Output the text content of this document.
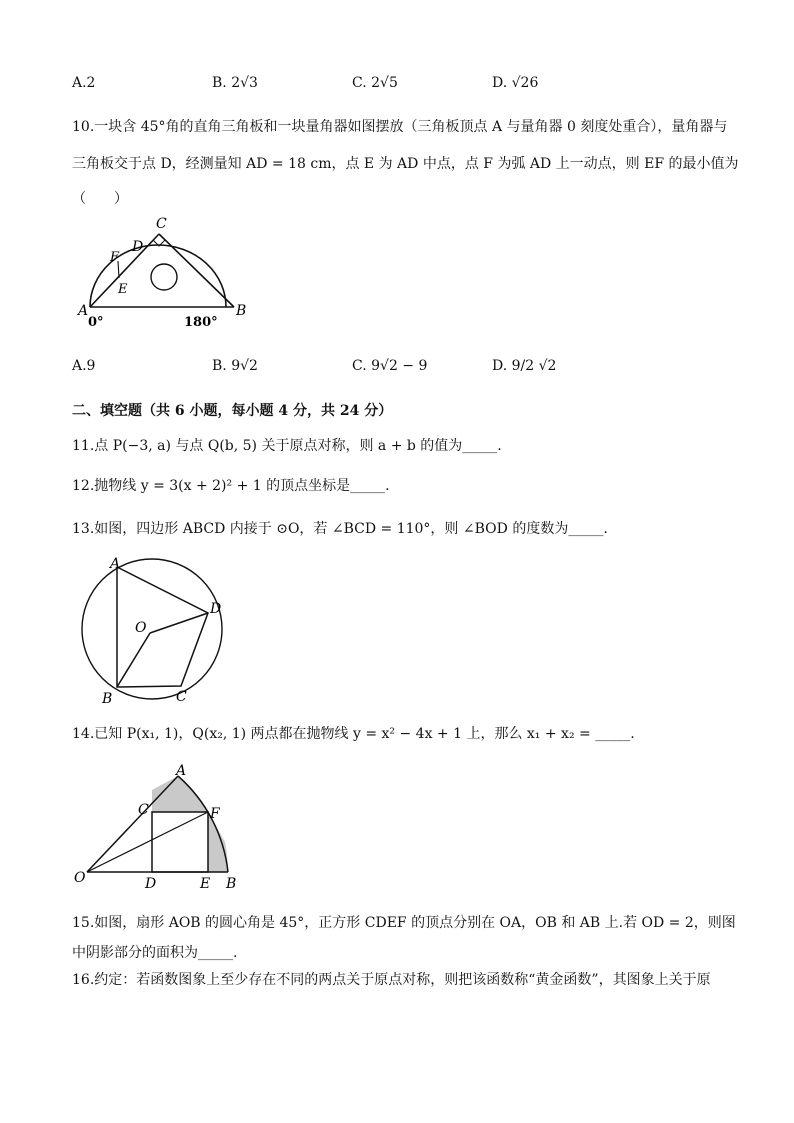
A.2	B. 2√3	C. 2√5	D. √26
10.一块含 45°角的直角三角板和一块量角器如图摆放（三角板顶点 A 与量角器 0 刻度处重合），量角器与
三角板交于点 D，经测量知 AD = 18 cm，点 E 为 AD 中点，点 F 为弧 AD 上一动点，则 EF 的最小值为
（　　）
C
D
F
E
A	B
0°	180°
A.9	B. 9√2	C. 9√2 − 9	D. 9/2 √2
二、填空题（共 6 小题，每小题 4 分，共 24 分）
11.点 P(−3, a) 与点 Q(b, 5) 关于原点对称，则 a + b 的值为_____.
12.抛物线 y = 3(x + 2)² + 1 的顶点坐标是_____.
13.如图，四边形 ABCD 内接于 ⊙O，若 ∠BCD = 110°，则 ∠BOD 的度数为_____.
A
D
O
B	C
14.已知 P(x₁, 1)，Q(x₂, 1) 两点都在抛物线 y = x² − 4x + 1 上，那么 x₁ + x₂ = _____.
A
C	F
O	D	E B
15.如图，扇形 AOB 的圆心角是 45°，正方形 CDEF 的顶点分别在 OA，OB 和 AB 上.若 OD = 2，则图
中阴影部分的面积为_____.
16.约定：若函数图象上至少存在不同的两点关于原点对称，则把该函数称“黄金函数”，其图象上关于原
